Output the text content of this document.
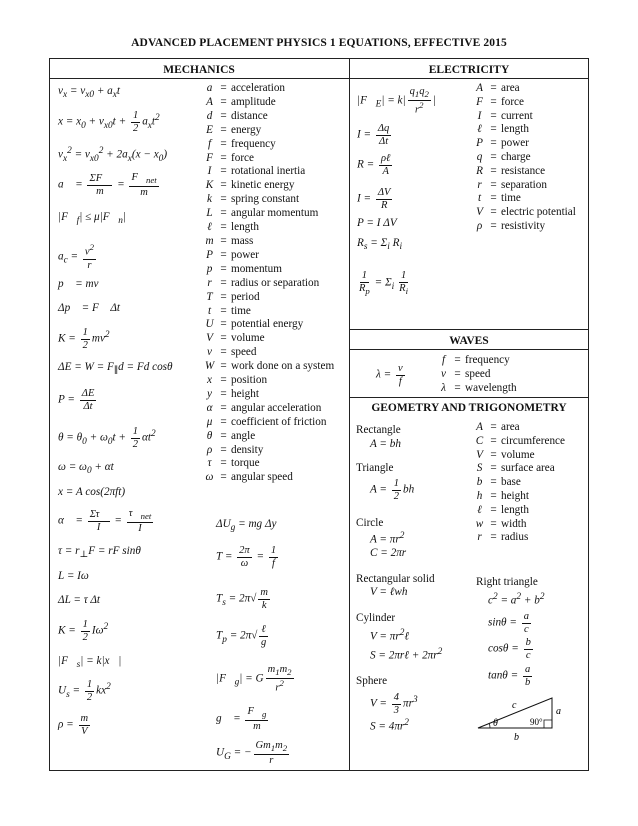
ADVANCED PLACEMENT PHYSICS 1 EQUATIONS, EFFECTIVE 2015
MECHANICS	ELECTRICITY
WAVES
GEOMETRY AND TRIGONOMETRY
$v_x = v_{x0} + a_xt$
$x = x_0 + v_{x0}t + \frac{1}{2} a_xt^2$
$v_x^2 = v_{x0}^2 + 2a_x(x - x_0)$
a⃗ = $\frac{\Sigma F⃗}{m}$ =
$F⃗_{net}$
m
$|F⃗_f|$ ≤ $\mu|F⃗_n|$
$a_c = \frac{v^2}{r}$
p⃗ = mv⃗
Δp⃗ = F⃗ Δt
$K = \frac{1}{2} mv^2$
$\Delta E = W = F_\parallel d = Fd$ cosθ
$P = \frac{\Delta E}{\Delta t}$
$\theta = \theta_0 + \omega_0t + \frac{1}{2} \alpha t^2$
$\omega = \omega_0 + \alpha t$
x = A cos(2πft)
α⃗ = $\frac{\Sigma\tau⃗}{I}$ =
$\tau⃗_{net}$
I
$\tau = r_\perp F$ = rF sinθ
L = Iω
ΔL = τ Δt
$K = \frac{1}{2} I\omega^2$
$|F⃗_s|$ = k|x⃗|
$U_s = \frac{1}{2} kx^2$
$\rho = \frac{m}{V}$
a = acceleration
A = amplitude
d = distance
E = energy
f = frequency
F = force
I = rotational inertia
K = kinetic energy
k = spring constant
L = angular momentum
ℓ = length
m = mass
P = power
p = momentum
r = radius or separation
T = period
t = time
U = potential energy
V = volume
v = speed
W = work done on a system
x = position
y = height
α = angular acceleration
μ = coefficient of friction
θ = angle
ρ = density
τ = torque
ω = angular speed
$\Delta U_g$ = mg Δy
$T = \frac{2\pi}{\omega} = \frac{1}{f}$
$T_s = 2\pi√ \frac{m}{k}$
$T_p = 2\pi√$
ℓ
g
$|F⃗_g| = G \frac{m_1m_2}{r^2}$
g⃗ = $\frac{F⃗_g}{m}$
$U_G$ = − $\frac{Gm_1m_2}{r}$
$|F⃗_E| = k| \frac{q_1q_2}{r^2}$ |
$I = \frac{\Delta q}{\Delta t}$
R =
ρℓ
A
$I = \frac{\Delta V}{R}$
P = I ΔV
$R_s = \Sigma_i$ $R_i$
$\frac{1}{R_p} = \Sigma_i \frac{1}{R_i}$
A = area
F = force
I = current
ℓ = length
P = power
q = charge
R = resistance
r = separation
t = time
V = electric potential
ρ = resistivity
$\lambda = \frac{v}{f}$
f = frequency
v = speed
λ = wavelength
Rectangle
A = bh
Triangle
$A = \frac{1}{2}$ bh
Circle
$A = \pi r^2$
C = 2πr
Rectangular solid
V = ℓwh
Cylinder
$V = \pi r^2\ell$
S = 2πrℓ + $2\pi r^2$
Sphere
$V = \frac{4}{3} \pi r^3$
$S = 4\pi r^2$
A = area
C = circumference
V = volume
S = surface area
b = base
h = height
ℓ = length
w = width
r = radius
Right triangle
$c^2 = a^2 + b^2$
$\sin\theta = \frac{a}{c}$
$\cos\theta = \frac{b}{c}$
$\tan\theta = \frac{a}{b}$
a
b
c
θ	90°
